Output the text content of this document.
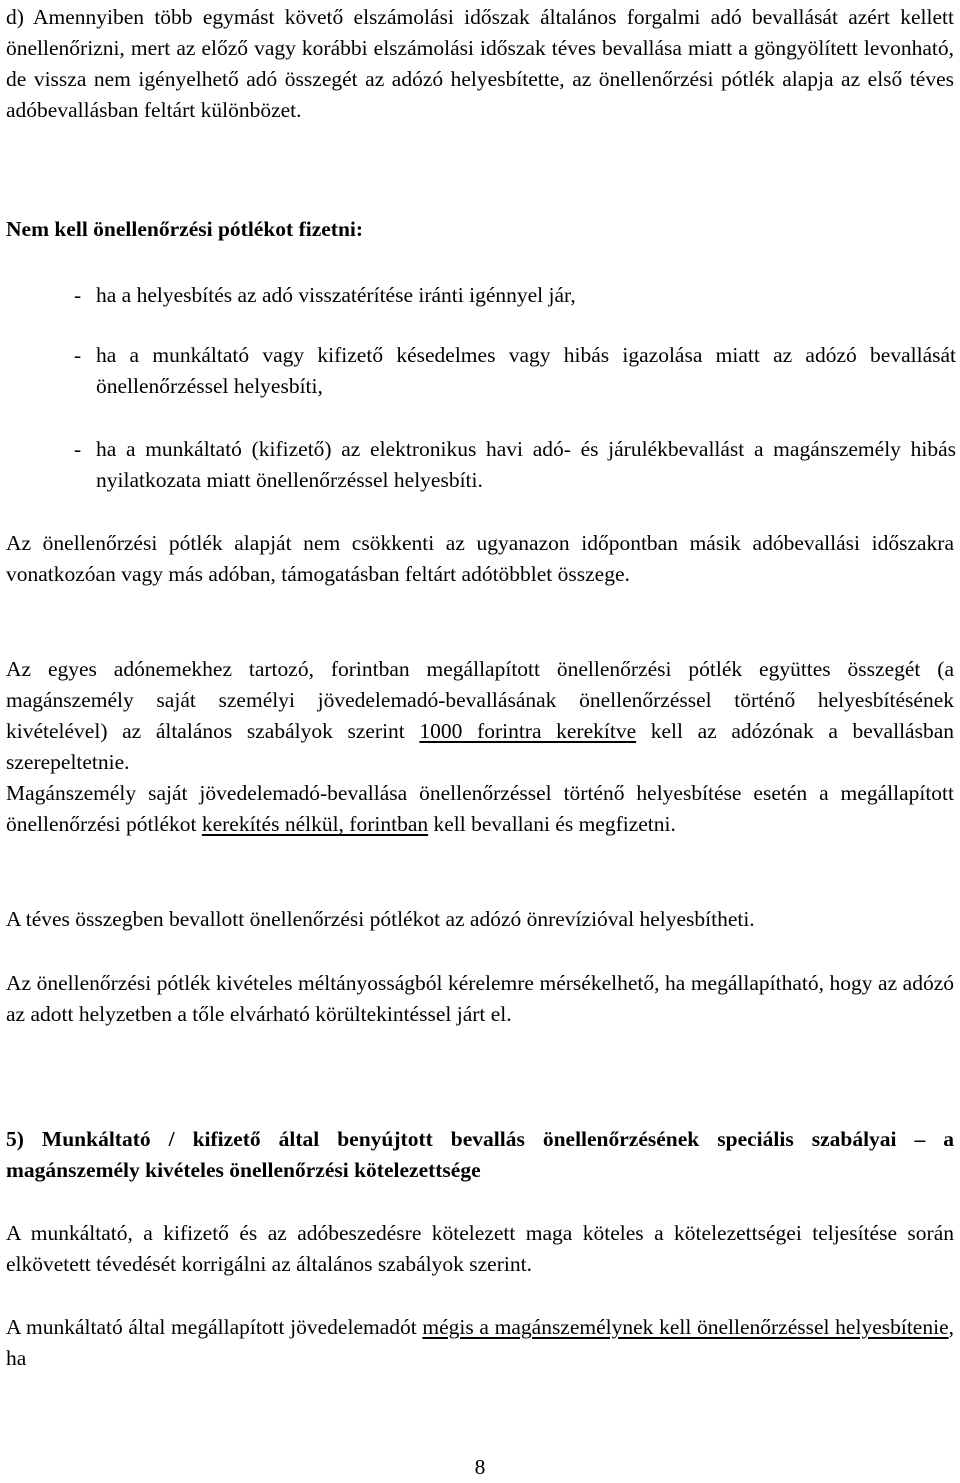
d) Amennyiben több egymást követő elszámolási időszak általános forgalmi adó bevallását azért kellett önellenőrizni, mert az előző vagy korábbi elszámolási időszak téves bevallása miatt a göngyölített levonható, de vissza nem igényelhető adó összegét az adózó helyesbítette, az önellenőrzési pótlék alapja az első téves adóbevallásban feltárt különbözet.

Nem kell önellenőrzési pótlékot fizetni:

- ha a helyesbítés az adó visszatérítése iránti igénnyel jár,

- ha a munkáltató vagy kifizető késedelmes vagy hibás igazolása miatt az adózó bevallását önellenőrzéssel helyesbíti,

- ha a munkáltató (kifizető) az elektronikus havi adó- és járulékbevallást a magánszemély hibás nyilatkozata miatt önellenőrzéssel helyesbíti.

Az önellenőrzési pótlék alapját nem csökkenti az ugyanazon időpontban másik adóbevallási időszakra vonatkozóan vagy más adóban, támogatásban feltárt adótöbblet összege.

Az egyes adónemekhez tartozó, forintban megállapított önellenőrzési pótlék együttes összegét (a magánszemély saját személyi jövedelemadó-bevallásának önellenőrzéssel történő helyesbítésének kivételével) az általános szabályok szerint 1000 forintra kerekítve kell az adózónak a bevallásban szerepeltetnie.

Magánszemély saját jövedelemadó-bevallása önellenőrzéssel történő helyesbítése esetén a megállapított önellenőrzési pótlékot kerekítés nélkül, forintban kell bevallani és megfizetni.

A téves összegben bevallott önellenőrzési pótlékot az adózó önrevízióval helyesbítheti.

Az önellenőrzési pótlék kivételes méltányosságból kérelemre mérsékelhető, ha megállapítható, hogy az adózó az adott helyzetben a tőle elvárható körültekintéssel járt el.

5) Munkáltató / kifizető által benyújtott bevallás önellenőrzésének speciális szabályai – a magánszemély kivételes önellenőrzési kötelezettsége

A munkáltató, a kifizető és az adóbeszedésre kötelezett maga köteles a kötelezettségei teljesítése során elkövetett tévedését korrigálni az általános szabályok szerint.

A munkáltató által megállapított jövedelemadót mégis a magánszemélynek kell önellenőrzéssel helyesbítenie, ha

8
